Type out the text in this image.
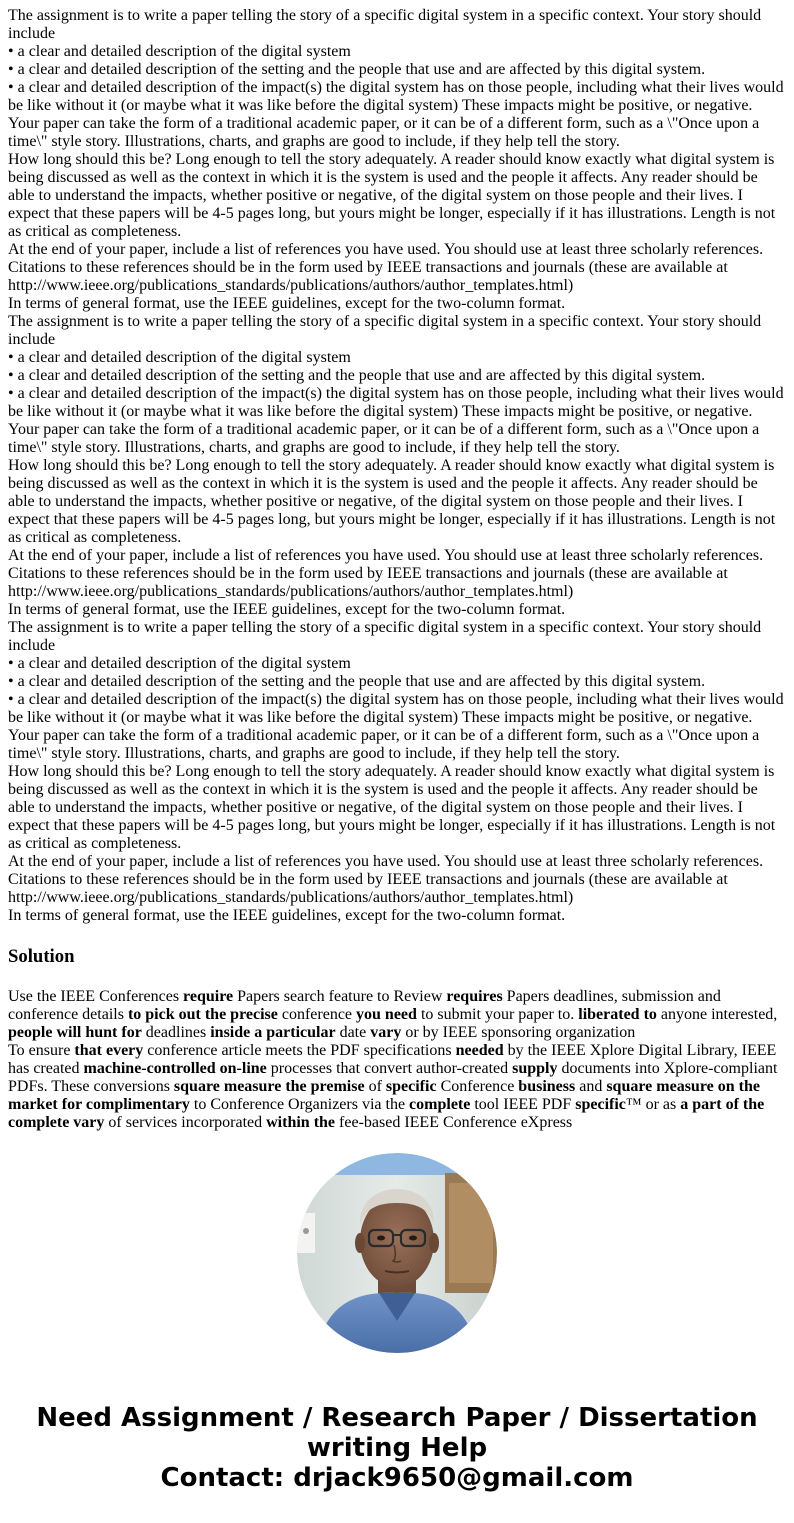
The assignment is to write a paper telling the story of a specific digital system in a specific context. Your story should include

• a clear and detailed description of the digital system

• a clear and detailed description of the setting and the people that use and are affected by this digital system.

• a clear and detailed description of the impact(s) the digital system has on those people, including what their lives would be like without it (or maybe what it was like before the digital system) These impacts might be positive, or negative.

Your paper can take the form of a traditional academic paper, or it can be of a different form, such as a \"Once upon a time\" style story. Illustrations, charts, and graphs are good to include, if they help tell the story.

How long should this be? Long enough to tell the story adequately. A reader should know exactly what digital system is being discussed as well as the context in which it is the system is used and the people it affects. Any reader should be able to understand the impacts, whether positive or negative, of the digital system on those people and their lives. I expect that these papers will be 4-5 pages long, but yours might be longer, especially if it has illustrations. Length is not as critical as completeness.

At the end of your paper, include a list of references you have used. You should use at least three scholarly references. Citations to these references should be in the form used by IEEE transactions and journals (these are available at http://www.ieee.org/publications_standards/publications/authors/author_templates.html)

In terms of general format, use the IEEE guidelines, except for the two-column format.

The assignment is to write a paper telling the story of a specific digital system in a specific context. Your story should include

• a clear and detailed description of the digital system

• a clear and detailed description of the setting and the people that use and are affected by this digital system.

• a clear and detailed description of the impact(s) the digital system has on those people, including what their lives would be like without it (or maybe what it was like before the digital system) These impacts might be positive, or negative.

Your paper can take the form of a traditional academic paper, or it can be of a different form, such as a \"Once upon a time\" style story. Illustrations, charts, and graphs are good to include, if they help tell the story.

How long should this be? Long enough to tell the story adequately. A reader should know exactly what digital system is being discussed as well as the context in which it is the system is used and the people it affects. Any reader should be able to understand the impacts, whether positive or negative, of the digital system on those people and their lives. I expect that these papers will be 4-5 pages long, but yours might be longer, especially if it has illustrations. Length is not as critical as completeness.

At the end of your paper, include a list of references you have used. You should use at least three scholarly references. Citations to these references should be in the form used by IEEE transactions and journals (these are available at http://www.ieee.org/publications_standards/publications/authors/author_templates.html)

In terms of general format, use the IEEE guidelines, except for the two-column format.

The assignment is to write a paper telling the story of a specific digital system in a specific context. Your story should include

• a clear and detailed description of the digital system

• a clear and detailed description of the setting and the people that use and are affected by this digital system.

• a clear and detailed description of the impact(s) the digital system has on those people, including what their lives would be like without it (or maybe what it was like before the digital system) These impacts might be positive, or negative.

Your paper can take the form of a traditional academic paper, or it can be of a different form, such as a \"Once upon a time\" style story. Illustrations, charts, and graphs are good to include, if they help tell the story.

How long should this be? Long enough to tell the story adequately. A reader should know exactly what digital system is being discussed as well as the context in which it is the system is used and the people it affects. Any reader should be able to understand the impacts, whether positive or negative, of the digital system on those people and their lives. I expect that these papers will be 4-5 pages long, but yours might be longer, especially if it has illustrations. Length is not as critical as completeness.

At the end of your paper, include a list of references you have used. You should use at least three scholarly references. Citations to these references should be in the form used by IEEE transactions and journals (these are available at http://www.ieee.org/publications_standards/publications/authors/author_templates.html)

In terms of general format, use the IEEE guidelines, except for the two-column format.

Solution

Use the IEEE Conferences require Papers search feature to Review requires Papers deadlines, submission and conference details to pick out the precise conference you need to submit your paper to. liberated to anyone interested, people will hunt for deadlines inside a particular date vary or by IEEE sponsoring organization

To ensure that every conference article meets the PDF specifications needed by the IEEE Xplore Digital Library, IEEE has created machine-controlled on-line processes that convert author-created supply documents into Xplore-compliant PDFs. These conversions square measure the premise of specific Conference business and square measure on the market for complimentary to Conference Organizers via the complete tool IEEE PDF specific™ or as a part of the complete vary of services incorporated within the fee-based IEEE Conference eXpress

Need Assignment / Research Paper / Dissertation
writing Help
Contact: drjack9650@gmail.com
